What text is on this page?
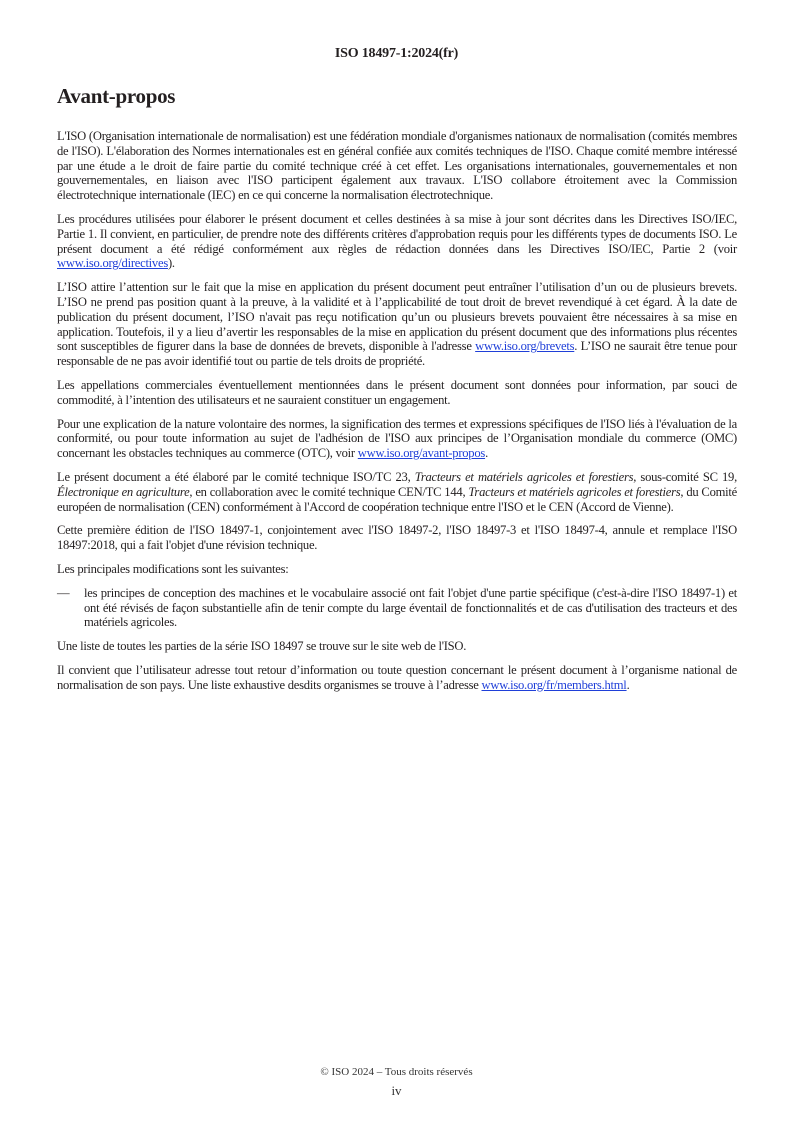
ISO 18497-1:2024(fr)
Avant-propos

L'ISO (Organisation internationale de normalisation) est une fédération mondiale d'organismes nationaux de normalisation (comités membres de l'ISO). L'élaboration des Normes internationales est en général confiée aux comités techniques de l'ISO. Chaque comité membre intéressé par une étude a le droit de faire partie du comité technique créé à cet effet. Les organisations internationales, gouvernementales et non gouvernementales, en liaison avec l'ISO participent également aux travaux. L'ISO collabore étroitement avec la Commission électrotechnique internationale (IEC) en ce qui concerne la normalisation électrotechnique.

Les procédures utilisées pour élaborer le présent document et celles destinées à sa mise à jour sont décrites dans les Directives ISO/IEC, Partie 1. Il convient, en particulier, de prendre note des différents critères d'approbation requis pour les différents types de documents ISO. Le présent document a été rédigé conformément aux règles de rédaction données dans les Directives ISO/IEC, Partie 2 (voir www.iso.org/directives).

L’ISO attire l’attention sur le fait que la mise en application du présent document peut entraîner l’utilisation d’un ou de plusieurs brevets. L’ISO ne prend pas position quant à la preuve, à la validité et à l’applicabilité de tout droit de brevet revendiqué à cet égard. À la date de publication du présent document, l’ISO n'avait pas reçu notification qu’un ou plusieurs brevets pouvaient être nécessaires à sa mise en application. Toutefois, il y a lieu d’avertir les responsables de la mise en application du présent document que des informations plus récentes sont susceptibles de figurer dans la base de données de brevets, disponible à l'adresse www.iso.org/brevets. L’ISO ne saurait être tenue pour responsable de ne pas avoir identifié tout ou partie de tels droits de propriété.

Les appellations commerciales éventuellement mentionnées dans le présent document sont données pour information, par souci de commodité, à l’intention des utilisateurs et ne sauraient constituer un engagement.

Pour une explication de la nature volontaire des normes, la signification des termes et expressions spécifiques de l'ISO liés à l'évaluation de la conformité, ou pour toute information au sujet de l'adhésion de l'ISO aux principes de l’Organisation mondiale du commerce (OMC) concernant les obstacles techniques au commerce (OTC), voir www.iso.org/avant-propos.

Le présent document a été élaboré par le comité technique ISO/TC 23, Tracteurs et matériels agricoles et forestiers, sous-comité SC 19, Électronique en agriculture, en collaboration avec le comité technique CEN/TC 144, Tracteurs et matériels agricoles et forestiers, du Comité européen de normalisation (CEN) conformément à l'Accord de coopération technique entre l'ISO et le CEN (Accord de Vienne).

Cette première édition de l'ISO 18497-1, conjointement avec l'ISO 18497-2, l'ISO 18497-3 et l'ISO 18497-4, annule et remplace l'ISO 18497:2018, qui a fait l'objet d'une révision technique.

Les principales modifications sont les suivantes:

—	les principes de conception des machines et le vocabulaire associé ont fait l'objet d'une partie spécifique (c'est-à-dire l'ISO 18497-1) et ont été révisés de façon substantielle afin de tenir compte du large éventail de fonctionnalités et de cas d'utilisation des tracteurs et des matériels agricoles.

Une liste de toutes les parties de la série ISO 18497 se trouve sur le site web de l'ISO.

Il convient que l’utilisateur adresse tout retour d’information ou toute question concernant le présent document à l’organisme national de normalisation de son pays. Une liste exhaustive desdits organismes se trouve à l’adresse www.iso.org/fr/members.html.

© ISO 2024 – Tous droits réservés
iv
